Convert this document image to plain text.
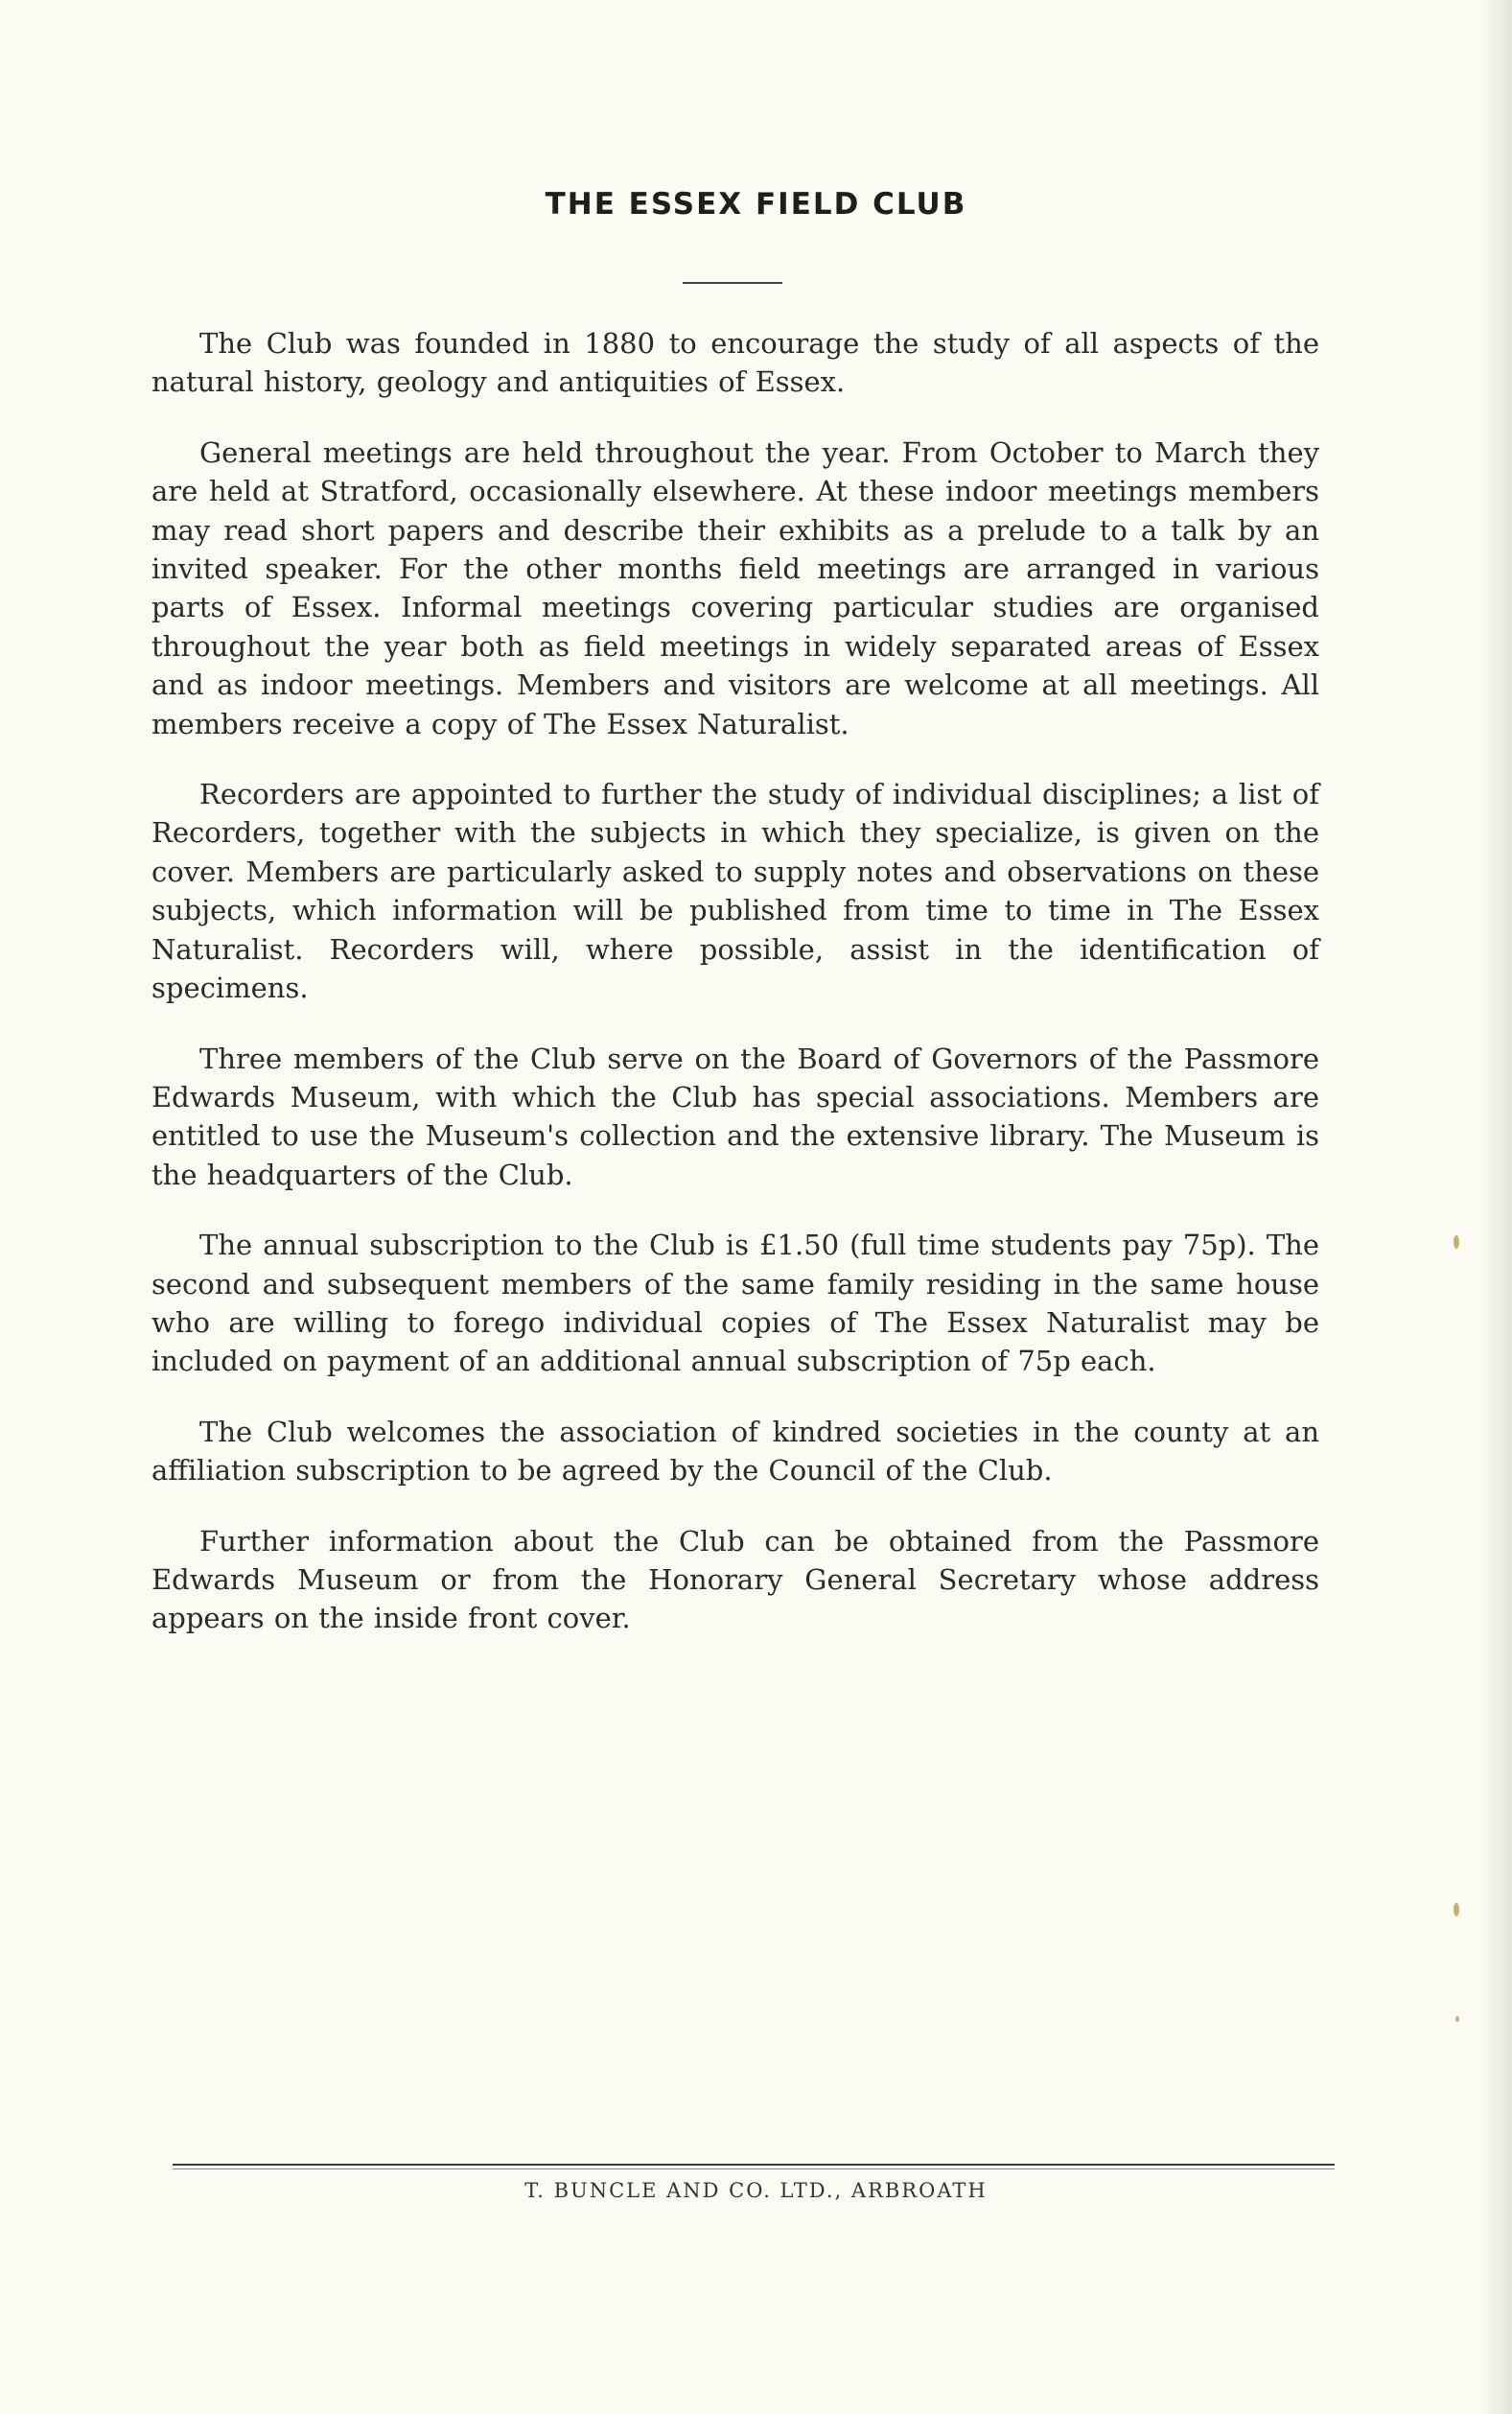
THE ESSEX FIELD CLUB

The Club was founded in 1880 to encourage the study of all aspects of the natural history, geology and antiquities of Essex.

General meetings are held throughout the year. From October to March they are held at Stratford, occasionally elsewhere. At these indoor meetings members may read short papers and describe their exhibits as a prelude to a talk by an invited speaker. For the other months field meetings are arranged in various parts of Essex. Informal meetings covering particular studies are organised throughout the year both as field meetings in widely separated areas of Essex and as indoor meetings. Members and visitors are welcome at all meetings. All members receive a copy of The Essex Naturalist.

Recorders are appointed to further the study of individual disciplines; a list of Recorders, together with the subjects in which they specialize, is given on the cover. Members are particularly asked to supply notes and observations on these subjects, which information will be published from time to time in The Essex Naturalist. Recorders will, where possible, assist in the identification of specimens.

Three members of the Club serve on the Board of Governors of the Passmore Edwards Museum, with which the Club has special associations. Members are entitled to use the Museum's collection and the extensive library. The Museum is the headquarters of the Club.

The annual subscription to the Club is £1.50 (full time students pay 75p). The second and subsequent members of the same family residing in the same house who are willing to forego individual copies of The Essex Naturalist may be included on payment of an additional annual subscription of 75p each.

The Club welcomes the association of kindred societies in the county at an affiliation subscription to be agreed by the Council of the Club.

Further information about the Club can be obtained from the Passmore Edwards Museum or from the Honorary General Secretary whose address appears on the inside front cover.

T. BUNCLE AND CO. LTD., ARBROATH
